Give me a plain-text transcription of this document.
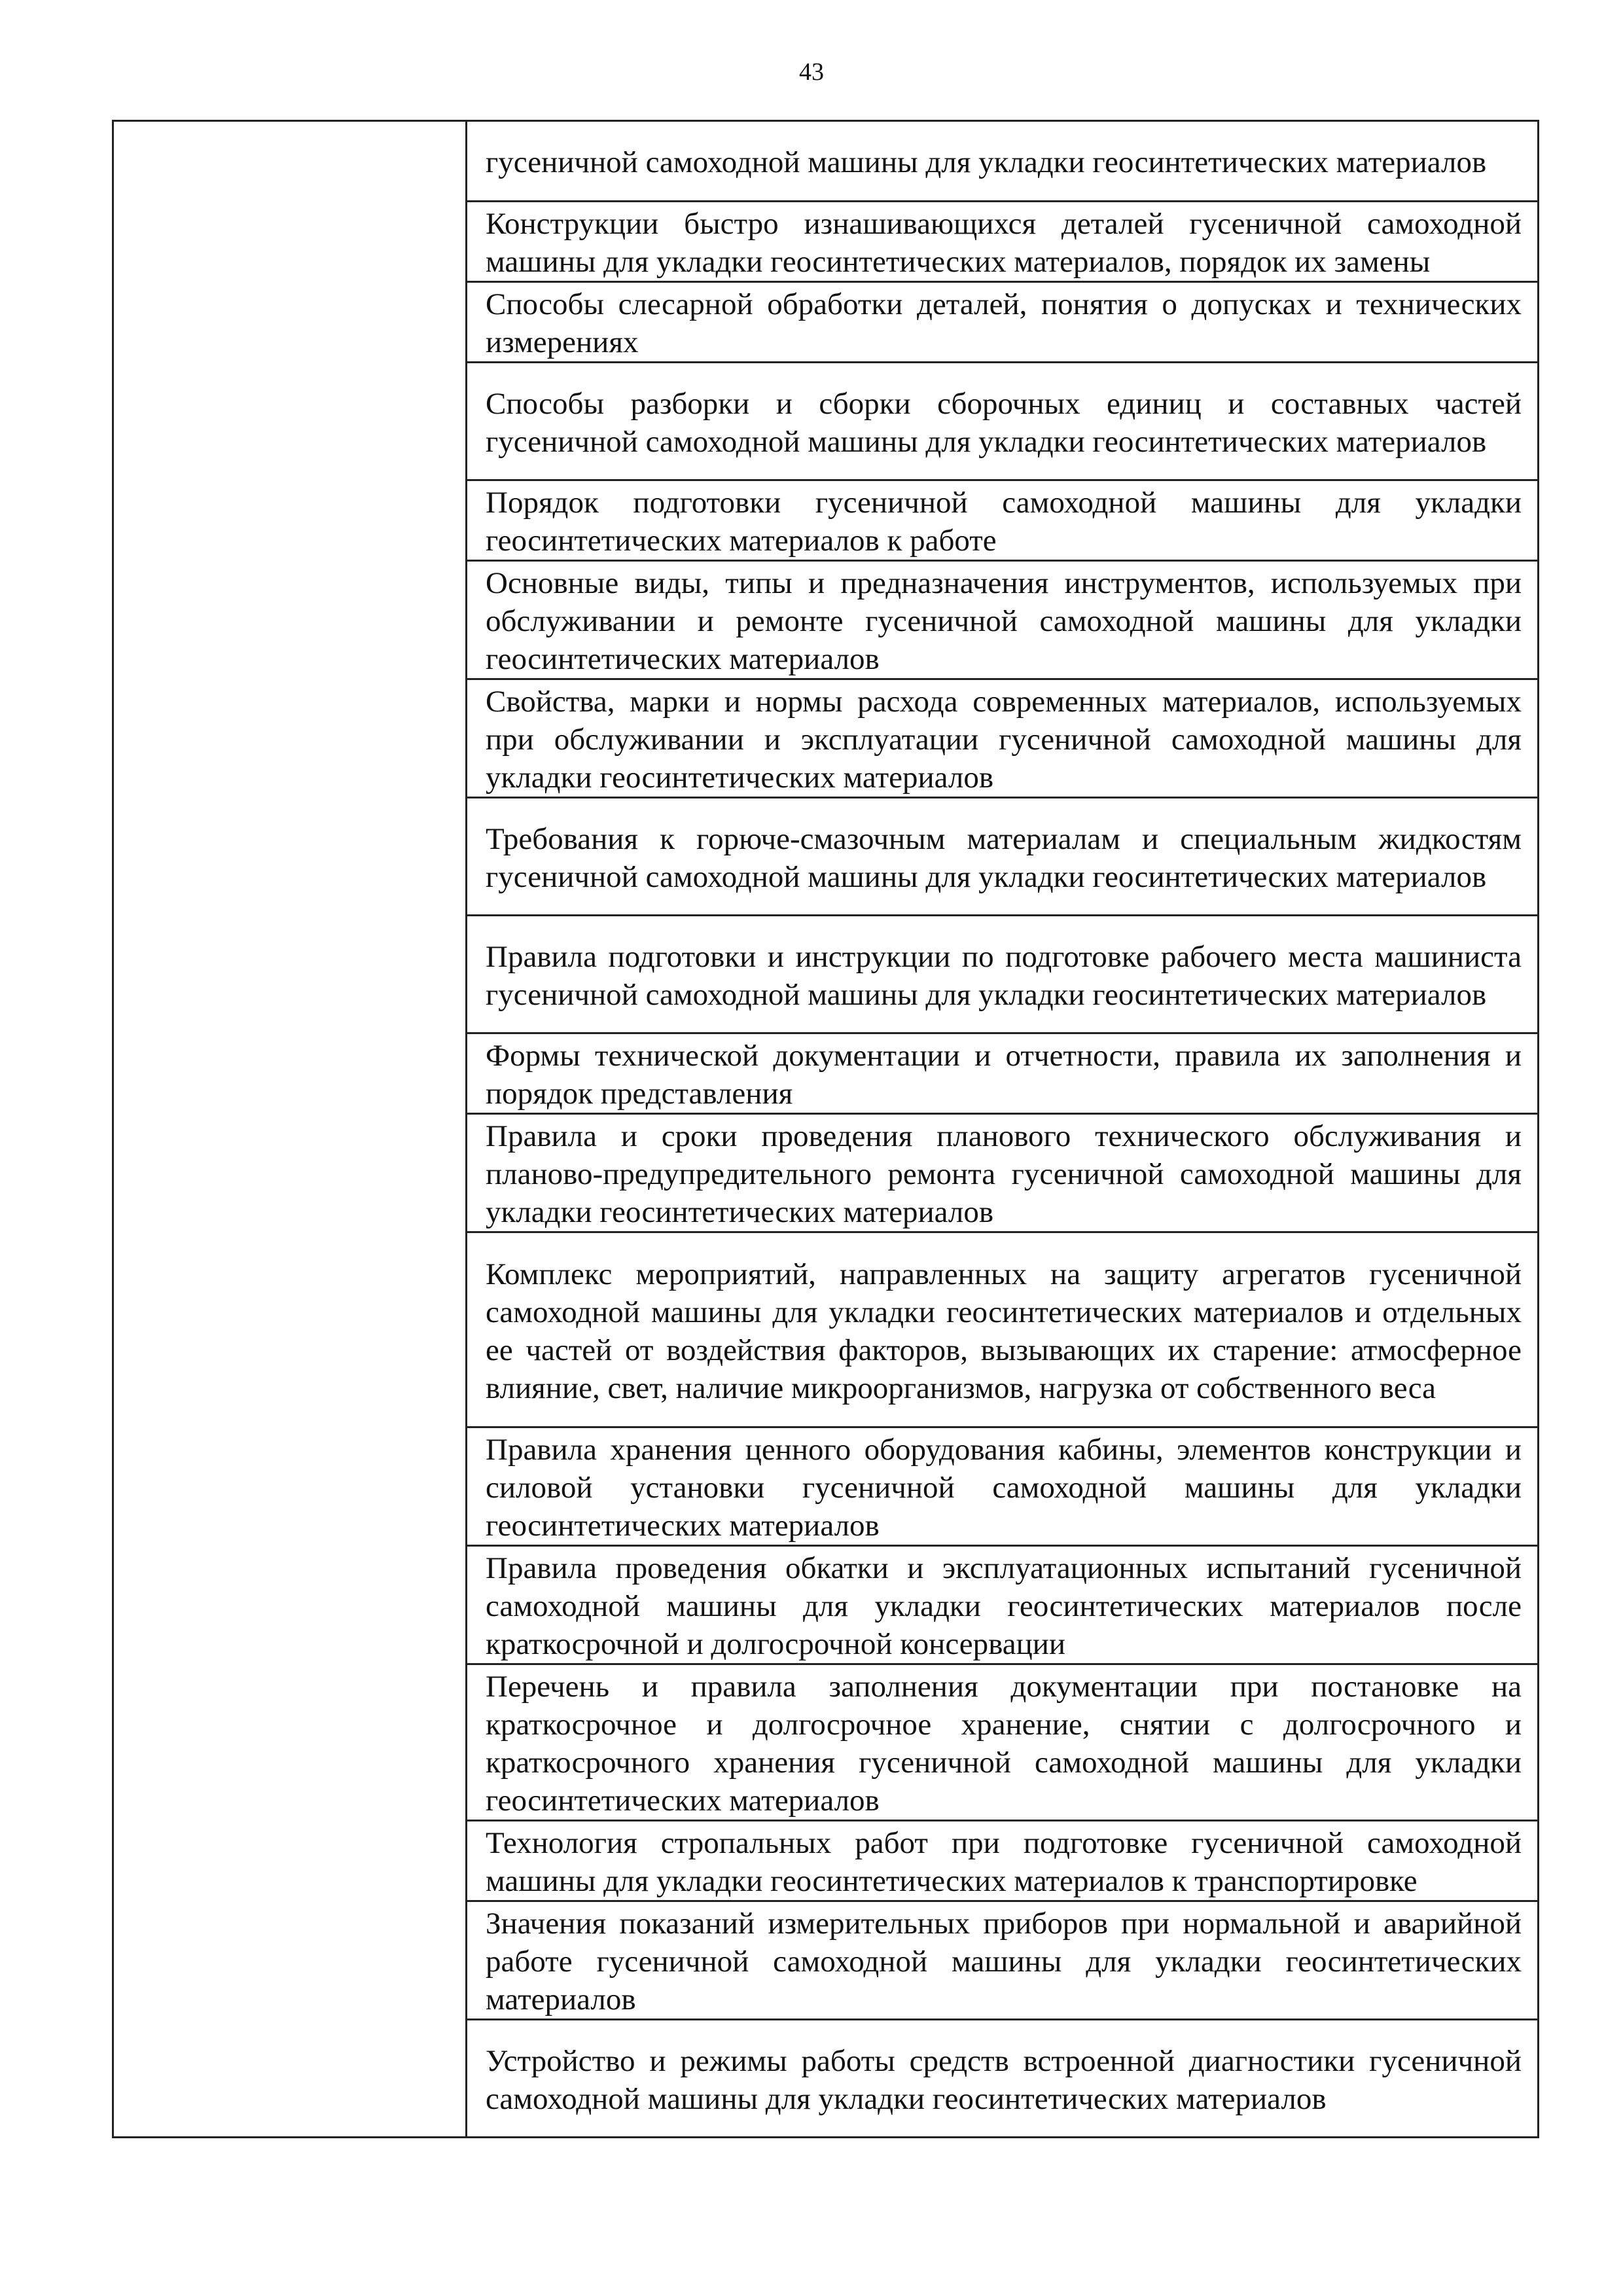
43

гусеничной самоходной машины для укладки геосинтетических материалов

Конструкции быстро изнашивающихся деталей гусеничной самоходной машины для укладки геосинтетических материалов, порядок их замены

Способы слесарной обработки деталей, понятия о допусках и технических измерениях

Способы разборки и сборки сборочных единиц и составных частей гусеничной самоходной машины для укладки геосинтетических материалов

Порядок подготовки гусеничной самоходной машины для укладки геосинтетических материалов к работе

Основные виды, типы и предназначения инструментов, используемых при обслуживании и ремонте гусеничной самоходной машины для укладки геосинтетических материалов

Свойства, марки и нормы расхода современных материалов, используемых при обслуживании и эксплуатации гусеничной самоходной машины для укладки геосинтетических материалов

Требования к горюче-смазочным материалам и специальным жидкостям гусеничной самоходной машины для укладки геосинтетических материалов

Правила подготовки и инструкции по подготовке рабочего места машиниста гусеничной самоходной машины для укладки геосинтетических материалов

Формы технической документации и отчетности, правила их заполнения и порядок представления

Правила и сроки проведения планового технического обслуживания и планово-предупредительного ремонта гусеничной самоходной машины для укладки геосинтетических материалов

Комплекс мероприятий, направленных на защиту агрегатов гусеничной самоходной машины для укладки геосинтетических материалов и отдельных ее частей от воздействия факторов, вызывающих их старение: атмосферное влияние, свет, наличие микроорганизмов, нагрузка от собственного веса

Правила хранения ценного оборудования кабины, элементов конструкции и силовой установки гусеничной самоходной машины для укладки геосинтетических материалов

Правила проведения обкатки и эксплуатационных испытаний гусеничной самоходной машины для укладки геосинтетических материалов после краткосрочной и долгосрочной консервации

Перечень и правила заполнения документации при постановке на краткосрочное и долгосрочное хранение, снятии с долгосрочного и краткосрочного хранения гусеничной самоходной машины для укладки геосинтетических материалов

Технология стропальных работ при подготовке гусеничной самоходной машины для укладки геосинтетических материалов к транспортировке

Значения показаний измерительных приборов при нормальной и аварийной работе гусеничной самоходной машины для укладки геосинтетических материалов

Устройство и режимы работы средств встроенной диагностики гусеничной самоходной машины для укладки геосинтетических материалов
